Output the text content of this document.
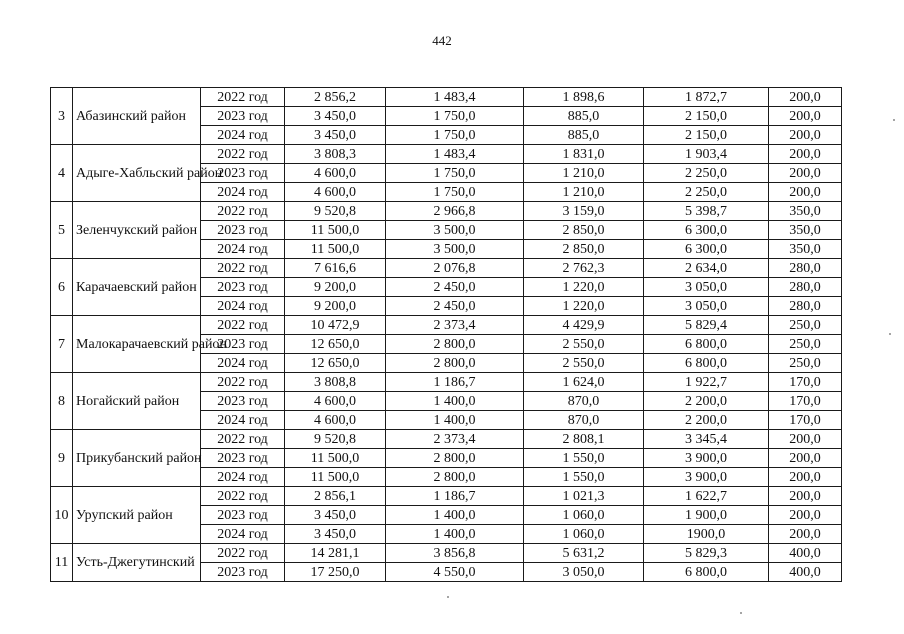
442
3	Абазинский район	2022 год	2 856,2	1 483,4	1 898,6	1 872,7	200,0
		2023 год	3 450,0	1 750,0	885,0	2 150,0	200,0
		2024 год	3 450,0	1 750,0	885,0	2 150,0	200,0
4	Адыге-Хабльский район	2022 год	3 808,3	1 483,4	1 831,0	1 903,4	200,0
		2023 год	4 600,0	1 750,0	1 210,0	2 250,0	200,0
		2024 год	4 600,0	1 750,0	1 210,0	2 250,0	200,0
5	Зеленчукский район	2022 год	9 520,8	2 966,8	3 159,0	5 398,7	350,0
		2023 год	11 500,0	3 500,0	2 850,0	6 300,0	350,0
		2024 год	11 500,0	3 500,0	2 850,0	6 300,0	350,0
6	Карачаевский район	2022 год	7 616,6	2 076,8	2 762,3	2 634,0	280,0
		2023 год	9 200,0	2 450,0	1 220,0	3 050,0	280,0
		2024 год	9 200,0	2 450,0	1 220,0	3 050,0	280,0
7	Малокарачаевский район	2022 год	10 472,9	2 373,4	4 429,9	5 829,4	250,0
		2023 год	12 650,0	2 800,0	2 550,0	6 800,0	250,0
		2024 год	12 650,0	2 800,0	2 550,0	6 800,0	250,0
8	Ногайский район	2022 год	3 808,8	1 186,7	1 624,0	1 922,7	170,0
		2023 год	4 600,0	1 400,0	870,0	2 200,0	170,0
		2024 год	4 600,0	1 400,0	870,0	2 200,0	170,0
9	Прикубанский район	2022 год	9 520,8	2 373,4	2 808,1	3 345,4	200,0
		2023 год	11 500,0	2 800,0	1 550,0	3 900,0	200,0
		2024 год	11 500,0	2 800,0	1 550,0	3 900,0	200,0
10	Урупский район	2022 год	2 856,1	1 186,7	1 021,3	1 622,7	200,0
		2023 год	3 450,0	1 400,0	1 060,0	1 900,0	200,0
		2024 год	3 450,0	1 400,0	1 060,0	1900,0	200,0
11	Усть-Джегутинский	2022 год	14 281,1	3 856,8	5 631,2	5 829,3	400,0
		2023 год	17 250,0	4 550,0	3 050,0	6 800,0	400,0
